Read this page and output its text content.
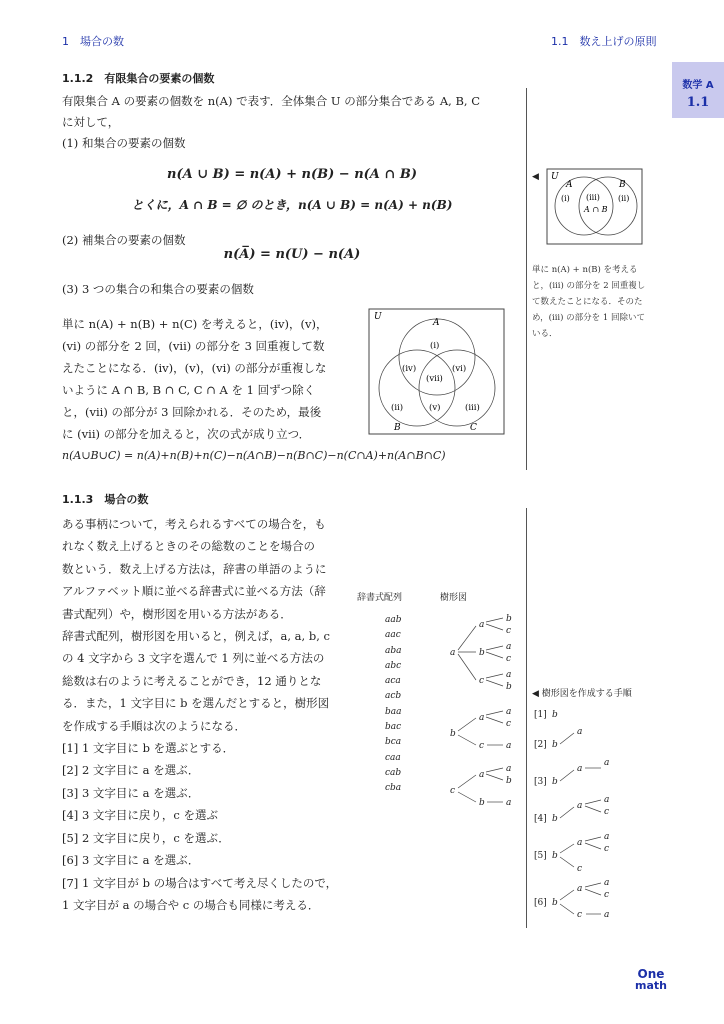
1　場合の数	1.1　数え上げの原則
数学 A
1.1
1.1.2　有限集合の要素の個数
有限集合 A の要素の個数を n(A) で表す．全体集合 U の部分集合である A, B, C
に対して，
(1) 和集合の要素の個数
n(A ∪ B) = n(A) + n(B) − n(A ∩ B)
とくに，A ∩ B = ∅ のとき，n(A ∪ B) = n(A) + n(B)
(2) 補集合の要素の個数
n(A̅) = n(U) − n(A)
(3) 3 つの集合の和集合の要素の個数
単に n(A) + n(B) + n(C) を考えると，(iv)，(v)，
(vi) の部分を 2 回，(vii) の部分を 3 回重複して数
えたことになる．(iv)，(v)，(vi) の部分が重複しな
いように A ∩ B, B ∩ C, C ∩ A を 1 回ずつ除く
と，(vii) の部分が 3 回除かれる．そのため，最後
に (vii) の部分を加えると，次の式が成り立つ．
n(A∪B∪C) = n(A)+n(B)+n(C)−n(A∩B)−n(B∩C)−n(C∩A)+n(A∩B∩C)
U
A
B	C
(i)
(ii)	(iii)
(iv)
(v)
(vi)
(vii)
◀ U
A	B
(i)	(ii)
(iii)
A ∩ B
単に n(A) + n(B) を考える
と，(iii) の部分を 2 回重複し
て数えたことになる．そのた
め，(iii) の部分を 1 回除いて
いる．
1.1.3　場合の数
ある事柄について，考えられるすべての場合を，も
れなく数え上げるときのその総数のことを場合の
数という．数え上げる方法は，辞書の単語のように
アルファベット順に並べる辞書式に並べる方法（辞
書式配列）や，樹形図を用いる方法がある．
辞書式配列，樹形図を用いると，例えば，a, a, b, c
の 4 文字から 3 文字を選んで 1 列に並べる方法の
総数は右のように考えることができ，12 通りとな
る．また，1 文字目に b を選んだとすると，樹形図
を作成する手順は次のようになる．
[1] 1 文字目に b を選ぶとする．
[2] 2 文字目に a を選ぶ．
[3] 3 文字目に a を選ぶ．
[4] 3 文字目に戻り，c を選ぶ
[5] 2 文字目に戻り，c を選ぶ．
[6] 3 文字目に a を選ぶ．
[7] 1 文字目が b の場合はすべて考え尽くしたので，
1 文字目が a の場合や c の場合も同様に考える．
辞書式配列	樹形図
aab
aac
aba
abc
aca
acb
baa
bac
bca
caa
cab
cba
a
a
b
c
b
a
c
c
a
b
b
a
a
c
c a
c
a
a
b
b a
◀ 樹形図を作成する手順
[1]
[2]
[3]
[4]
[5]
[6]
b
b
a
b
a
a
b
a
a
c
b
a
a
c
c
b
a
a
c
c a
One
math
